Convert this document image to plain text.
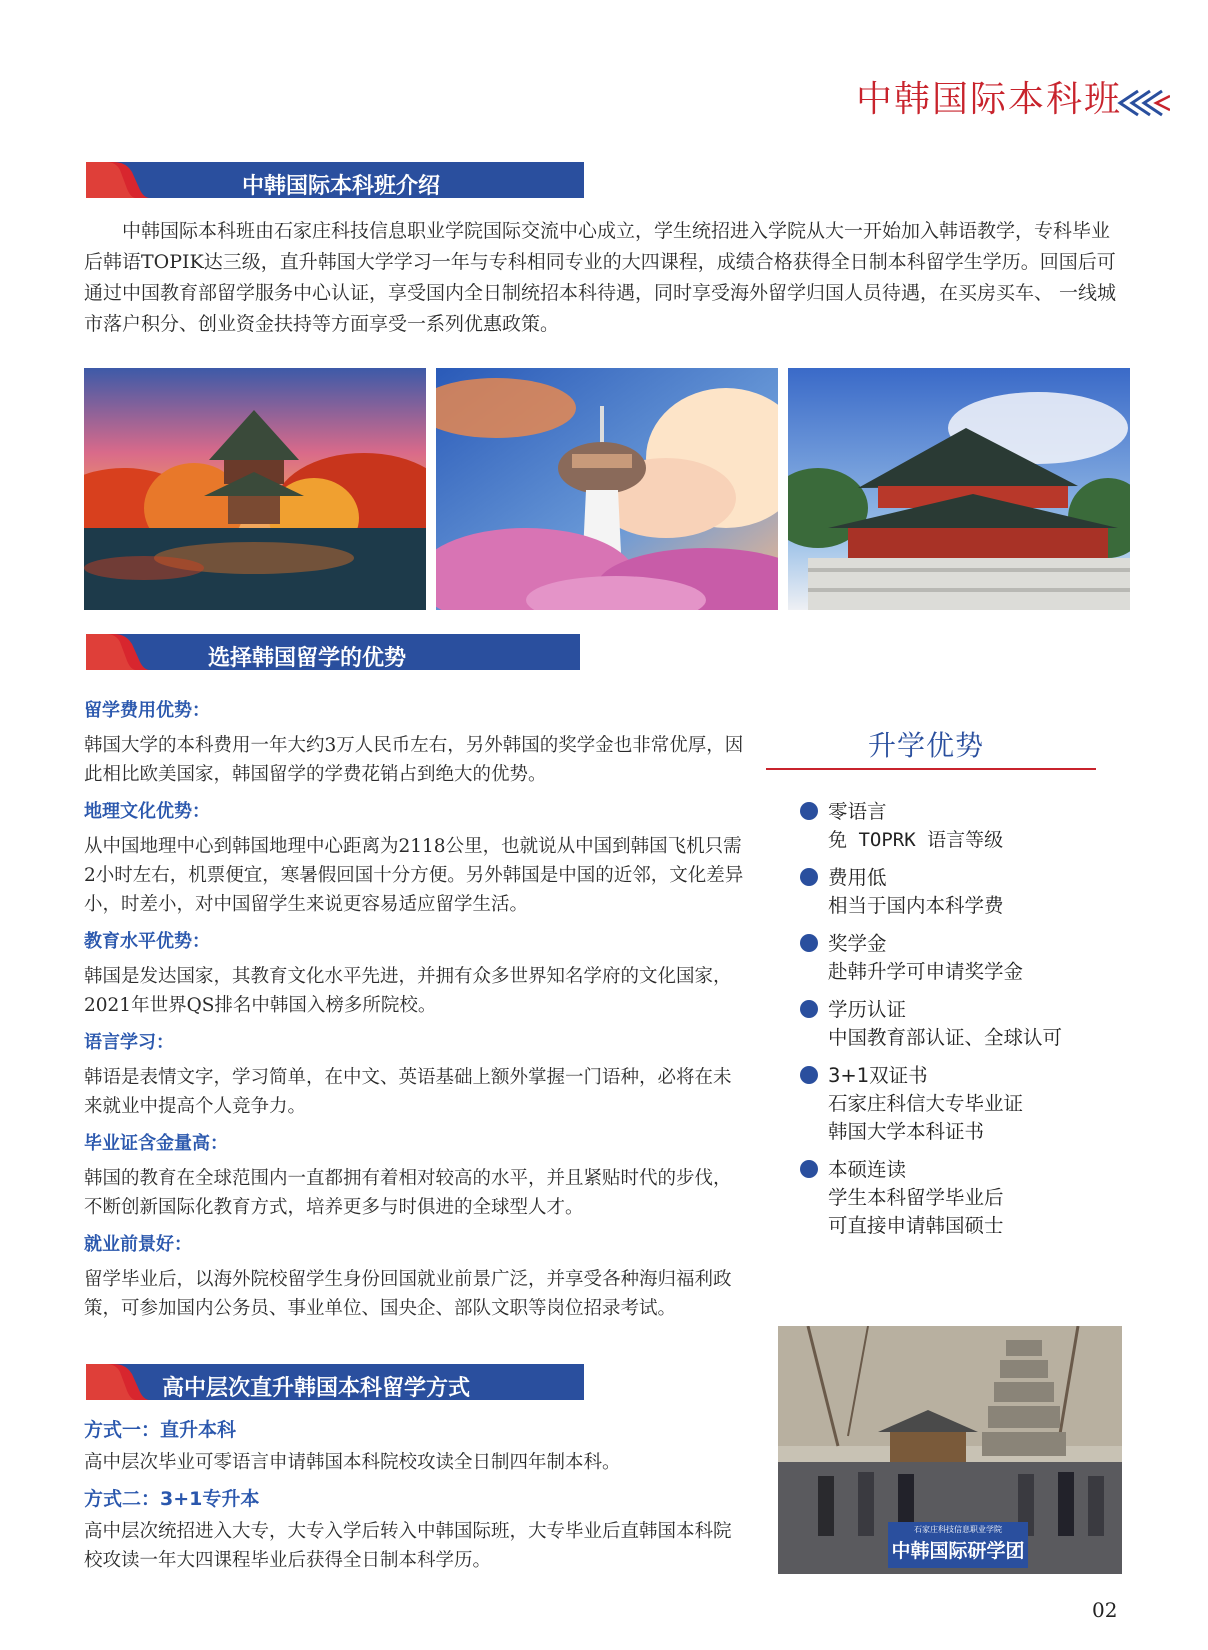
中韩国际本科班
中韩国际本科班介绍

中韩国际本科班由石家庄科技信息职业学院国际交流中心成立，学生统招进入学院从大一开始加入韩语教学，专科毕业后韩语TOPIK达三级，直升韩国大学学习一年与专科相同专业的大四课程，成绩合格获得全日制本科留学生学历。回国后可通过中国教育部留学服务中心认证，享受国内全日制统招本科待遇，同时享受海外留学归国人员待遇，在买房买车、 一线城市落户积分、创业资金扶持等方面享受一系列优惠政策。

选择韩国留学的优势
留学费用优势：

韩国大学的本科费用一年大约3万人民币左右，另外韩国的奖学金也非常优厚，因此相比欧美国家，韩国留学的学费花销占到绝大的优势。

地理文化优势：

从中国地理中心到韩国地理中心距离为2118公里，也就说从中国到韩国飞机只需2小时左右，机票便宜，寒暑假回国十分方便。另外韩国是中国的近邻，文化差异小，时差小，对中国留学生来说更容易适应留学生活。

教育水平优势：

韩国是发达国家，其教育文化水平先进，并拥有众多世界知名学府的文化国家，2021年世界QS排名中韩国入榜多所院校。

语言学习：

韩语是表情文字，学习简单，在中文、英语基础上额外掌握一门语种，必将在未来就业中提高个人竞争力。

毕业证含金量高：

韩国的教育在全球范围内一直都拥有着相对较高的水平，并且紧贴时代的步伐，不断创新国际化教育方式，培养更多与时俱进的全球型人才。

就业前景好：

留学毕业后，以海外院校留学生身份回国就业前景广泛，并享受各种海归福利政策，可参加国内公务员、事业单位、国央企、部队文职等岗位招录考试。

升学优势

零语言

免 TOPRK 语言等级

费用低

相当于国内本科学费

奖学金

赴韩升学可申请奖学金

学历认证

中国教育部认证、全球认可

3+1双证书

石家庄科信大专毕业证

韩国大学本科证书

本硕连读

学生本科留学毕业后

可直接申请韩国硕士

高中层次直升韩国本科留学方式
方式一：直升本科

高中层次毕业可零语言申请韩国本科院校攻读全日制四年制本科。

方式二：3+1专升本

高中层次统招进入大专，大专入学后转入中韩国际班，大专毕业后直韩国本科院校攻读一年大四课程毕业后获得全日制本科学历。

石家庄科技信息职业学院
中韩国际研学团
02
